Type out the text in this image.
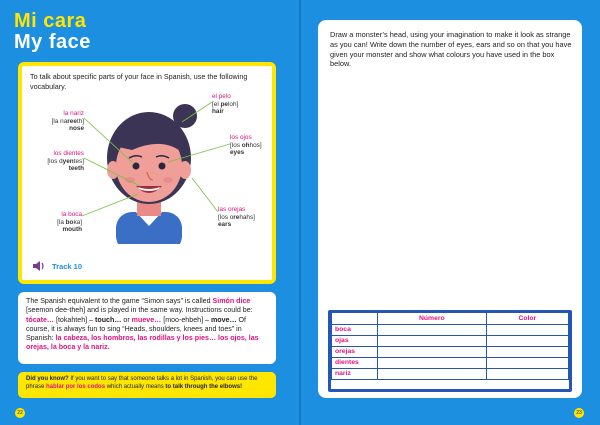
Mi cara
My face
To talk about specific parts of your face in Spanish, use the following vocabulary.
la nariz
[la nareeth]
nose
los dientes
[los dyentes]
teeth
la boca
[la boka]
mouth
el pelo
[el peloh]
hair
los ojos
[los ohhos]
eyes
las orejas
[los orehahs]
ears
Track 10
The Spanish equivalent to the game “Simon says” is called Simón dice [seemon dee-theh] and is played in the same way. Instructions could be: tócate… [tokahteh] – touch… or mueve… [moo-ehbeh] – move… Of course, it is always fun to sing “Heads, shoulders, knees and toes” in Spanish: la cabeza, los hombros, las rodillas y los pies… los ojos, las orejas, la boca y la nariz.
Did you know? If you want to say that someone talks a lot in Spanish, you can use the phrase hablar por los codos which actually means to talk through the elbows!
22
Draw a monster’s head, using your imagination to make it look as strange as you can! Write down the number of eyes, ears and so on that you have given your monster and show what colours you have used in the box below.
	Número	Color
boca		
ojas		
orejas		
dientes		
nariz		
23
